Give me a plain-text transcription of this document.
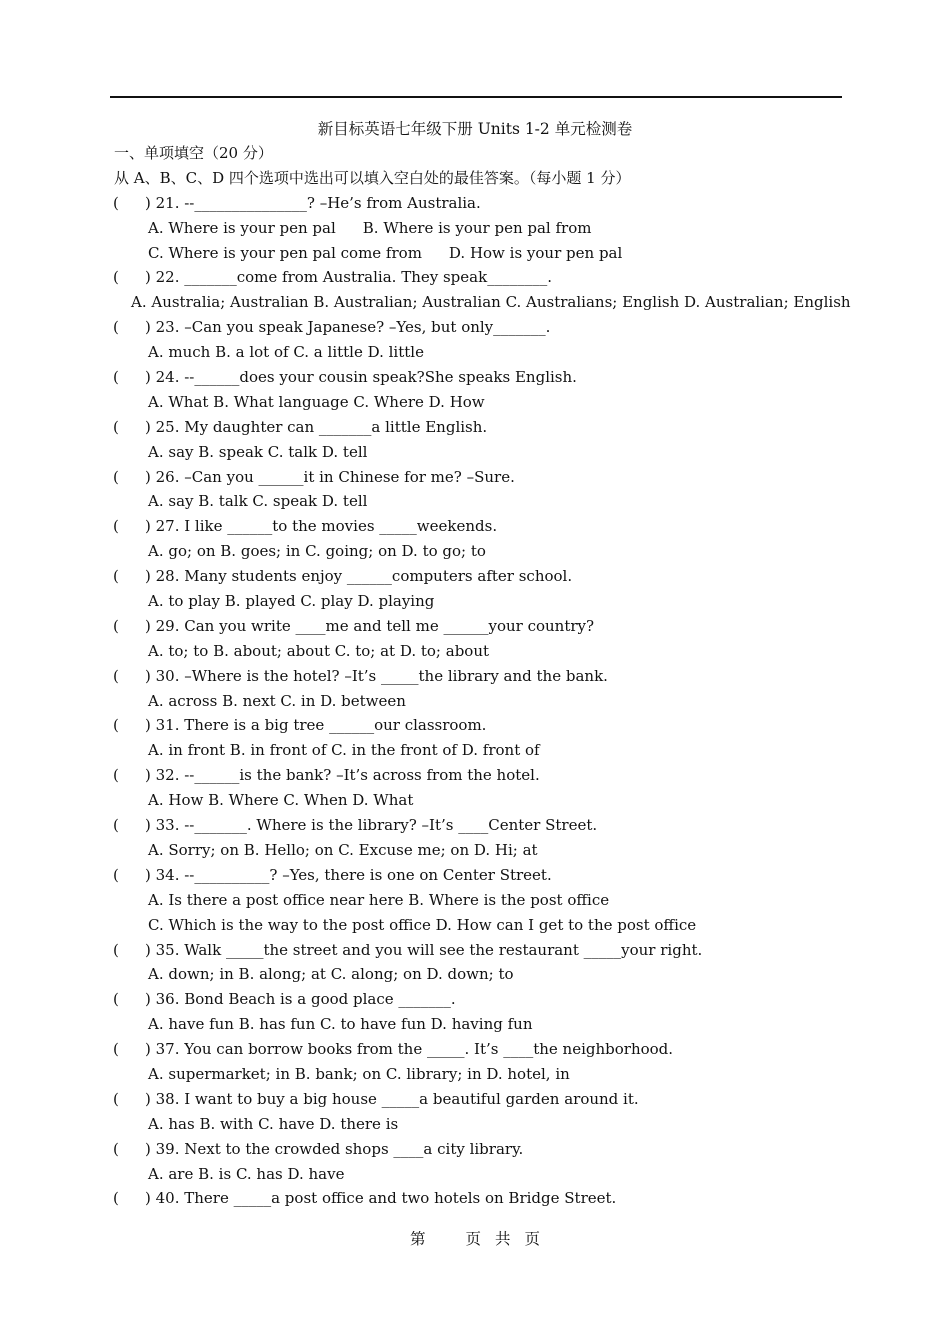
新目标英语七年级下册 Units 1-2 单元检测卷
一、单项填空（20 分）
从 A、B、C、D 四个选项中选出可以填入空白处的最佳答案。（每小题 1 分）
( ) 21. --_______________? –He’s from Australia.
A. Where is your pen pal B. Where is your pen pal from
C. Where is your pen pal come from D. How is your pen pal
( ) 22. _______come from Australia. They speak________.
A. Australia; Australian B. Australian; Australian C. Australians; English D. Australian; English
( ) 23. –Can you speak Japanese? –Yes, but only_______.
A. much B. a lot of C. a little D. little
( ) 24. --______does your cousin speak?She speaks English.
A. What B. What language C. Where D. How
( ) 25. My daughter can _______a little English.
A. say B. speak C. talk D. tell
( ) 26. –Can you ______it in Chinese for me? –Sure.
A. say B. talk C. speak D. tell
( ) 27. I like ______to the movies _____weekends.
A. go; on B. goes; in C. going; on D. to go; to
( ) 28. Many students enjoy ______computers after school.
A. to play B. played C. play D. playing
( ) 29. Can you write ____me and tell me ______your country?
A. to; to B. about; about C. to; at D. to; about
( ) 30. –Where is the hotel? –It’s _____the library and the bank.
A. across B. next C. in D. between
( ) 31. There is a big tree ______our classroom.
A. in front B. in front of C. in the front of D. front of
( ) 32. --______is the bank? –It’s across from the hotel.
A. How B. Where C. When D. What
( ) 33. --_______. Where is the library? –It’s ____Center Street.
A. Sorry; on B. Hello; on C. Excuse me; on D. Hi; at
( ) 34. --__________? –Yes, there is one on Center Street.
A. Is there a post office near here B. Where is the post office
C. Which is the way to the post office D. How can I get to the post office
( ) 35. Walk _____the street and you will see the restaurant _____your right.
A. down; in B. along; at C. along; on D. down; to
( ) 36. Bond Beach is a good place _______.
A. have fun B. has fun C. to have fun D. having fun
( ) 37. You can borrow books from the _____. It’s ____the neighborhood.
A. supermarket; in B. bank; on C. library; in D. hotel, in
( ) 38. I want to buy a big house _____a beautiful garden around it.
A. has B. with C. have D. there is
( ) 39. Next to the crowded shops ____a city library.
A. are B. is C. has D. have
( ) 40. There _____a post office and two hotels on Bridge Street.
第	页 共 页
